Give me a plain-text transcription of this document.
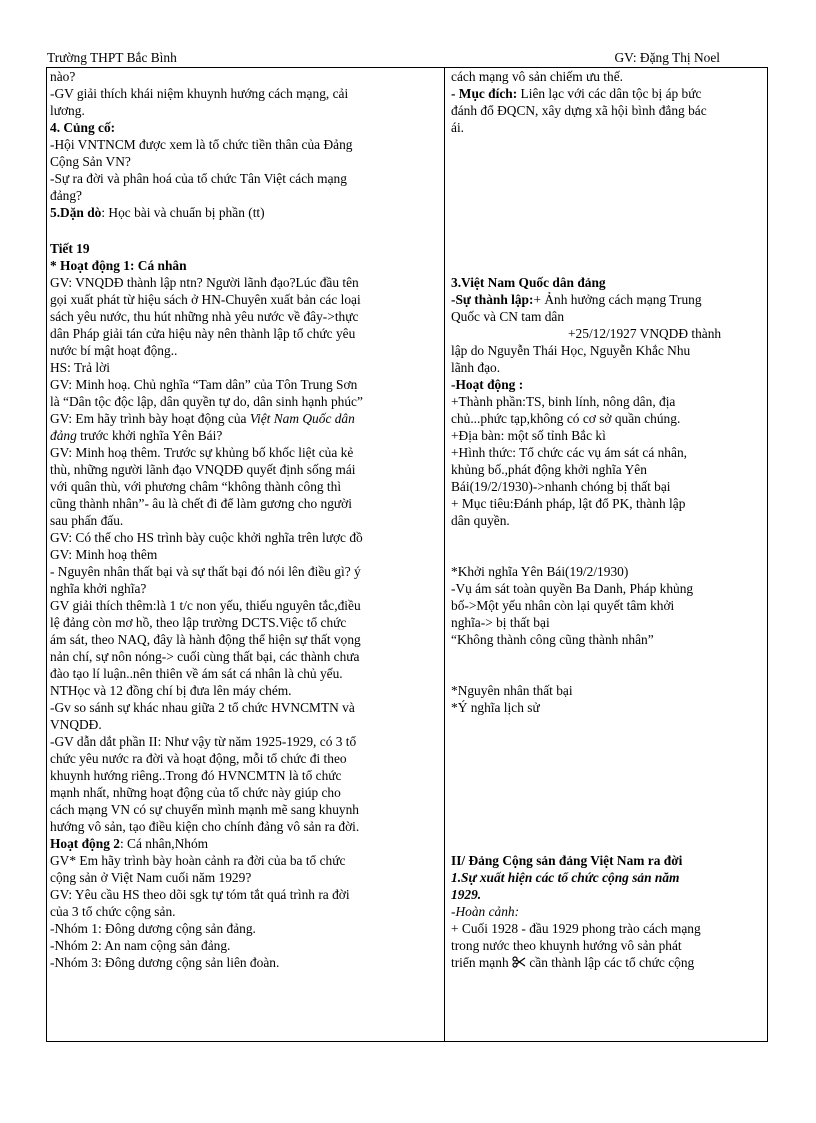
Trường THPT Bắc Bình	GV: Đặng Thị Noel
nào?
-GV giải thích khái niệm khuynh hướng cách mạng, cải
lương.
4. Củng cố:
-Hội VNTNCM được xem là tổ chức tiền thân của Đảng
Cộng Sản VN?
-Sự ra đời và phân hoá của tổ chức Tân Việt cách mạng
đảng?
5.Dặn dò: Học bài và chuẩn bị phần (tt)
Tiết 19
* Hoạt động 1: Cá nhân
GV: VNQDĐ thành lập ntn? Người lãnh đạo?Lúc đầu tên
gọi xuất phát từ hiệu sách ở HN-Chuyên xuất bản các loại
sách yêu nước, thu hút những nhà yêu nước về đây->thực
dân Pháp giải tán cửa hiệu này nên thành lập tổ chức yêu
nước bí mật hoạt động..
HS: Trả lời
GV: Minh hoạ. Chủ nghĩa “Tam dân” của Tôn Trung Sơn
là “Dân tộc độc lập, dân quyền tự do, dân sinh hạnh phúc”
GV: Em hãy trình bày hoạt động của Việt Nam Quốc dân
đảng trước khởi nghĩa Yên Bái?
GV: Minh hoạ thêm. Trước sự khủng bố khốc liệt của kẻ
thù, những người lãnh đạo VNQDĐ quyết định sống mái
với quân thù, với phương châm “không thành công thì
cũng thành nhân”- âu là chết đi để làm gương cho người
sau phấn đấu.
GV: Có thể cho HS trình bày cuộc khởi nghĩa trên lược đồ
GV: Minh hoạ thêm
- Nguyên nhân thất bại và sự thất bại đó nói lên điều gì? ý
nghĩa khởi nghĩa?
GV giải thích thêm:là 1 t/c non yếu, thiếu nguyên tắc,điều
lệ đảng còn mơ hồ, theo lập trường DCTS.Việc tổ chức
ám sát, theo NAQ, đây là hành động thể hiện sự thất vọng
nản chí, sự nôn nóng-> cuối cùng thất bại, các thành chưa
đào tạo lí luận..nên thiên về ám sát cá nhân là chủ yếu.
NTHọc và 12 đồng chí bị đưa lên máy chém.
-Gv so sánh sự khác nhau giữa 2 tổ chức HVNCMTN và
VNQDĐ.
-GV dẫn dắt phần II: Như vậy từ năm 1925-1929, có 3 tổ
chức yêu nước ra đời và hoạt động, mỗi tổ chức đi theo
khuynh hướng riêng..Trong đó HVNCMTN là tổ chức
mạnh nhất, những hoạt động của tổ chức này giúp cho
cách mạng VN có sự chuyển mình mạnh mẽ sang khuynh
hướng vô sản, tạo điều kiện cho chính đảng vô sản ra đời.
Hoạt động 2: Cá nhân,Nhóm
GV* Em hãy trình bày hoàn cảnh ra đời của ba tổ chức
cộng sản ở Việt Nam cuối năm 1929?
GV: Yêu cầu HS theo dõi sgk tự tóm tắt quá trình ra đời
của 3 tổ chức cộng sản.
-Nhóm 1: Đông dương cộng sản đảng.
-Nhóm 2: An nam cộng sản đảng.
-Nhóm 3: Đông dương cộng sản liên đoàn.
cách mạng vô sản chiếm ưu thế.
- Mục đích: Liên lạc với các dân tộc bị áp bức
đánh đổ ĐQCN, xây dựng xã hội bình đẳng bác
ái.
3.Việt Nam Quốc dân đảng
-Sự thành lập:+ Ảnh hưởng cách mạng Trung
Quốc và CN tam dân
+25/12/1927 VNQDĐ thành
lập do Nguyễn Thái Học, Nguyễn Khắc Nhu
lãnh đạo.
-Hoạt động :
+Thành phần:TS, binh lính, nông dân, địa
chủ...phức tạp,không có cơ sở quần chúng.
+Địa bàn: một số tỉnh Bắc kì
+Hình thức: Tổ chức các vụ ám sát cá nhân,
khủng bố.,phát động khởi nghĩa Yên
Bái(19/2/1930)->nhanh chóng bị thất bại
+ Mục tiêu:Đánh pháp, lật đổ PK, thành lập
dân quyền.
*Khởi nghĩa Yên Bái(19/2/1930)
-Vụ ám sát toàn quyền Ba Danh, Pháp khủng
bố->Một yếu nhân còn lại quyết tâm khởi
nghĩa-> bị thất bại
“Không thành công cũng thành nhân”
*Nguyên nhân thất bại
*Ý nghĩa lịch sử
II/ Đảng Cộng sản đảng Việt Nam ra đời
1.Sự xuất hiện các tổ chức cộng sản năm
1929.
-Hoàn cảnh:
+ Cuối 1928 - đầu 1929 phong trào cách mạng
trong nước theo khuynh hướng vô sản phát
triển mạnh  cần thành lập các tổ chức cộng
